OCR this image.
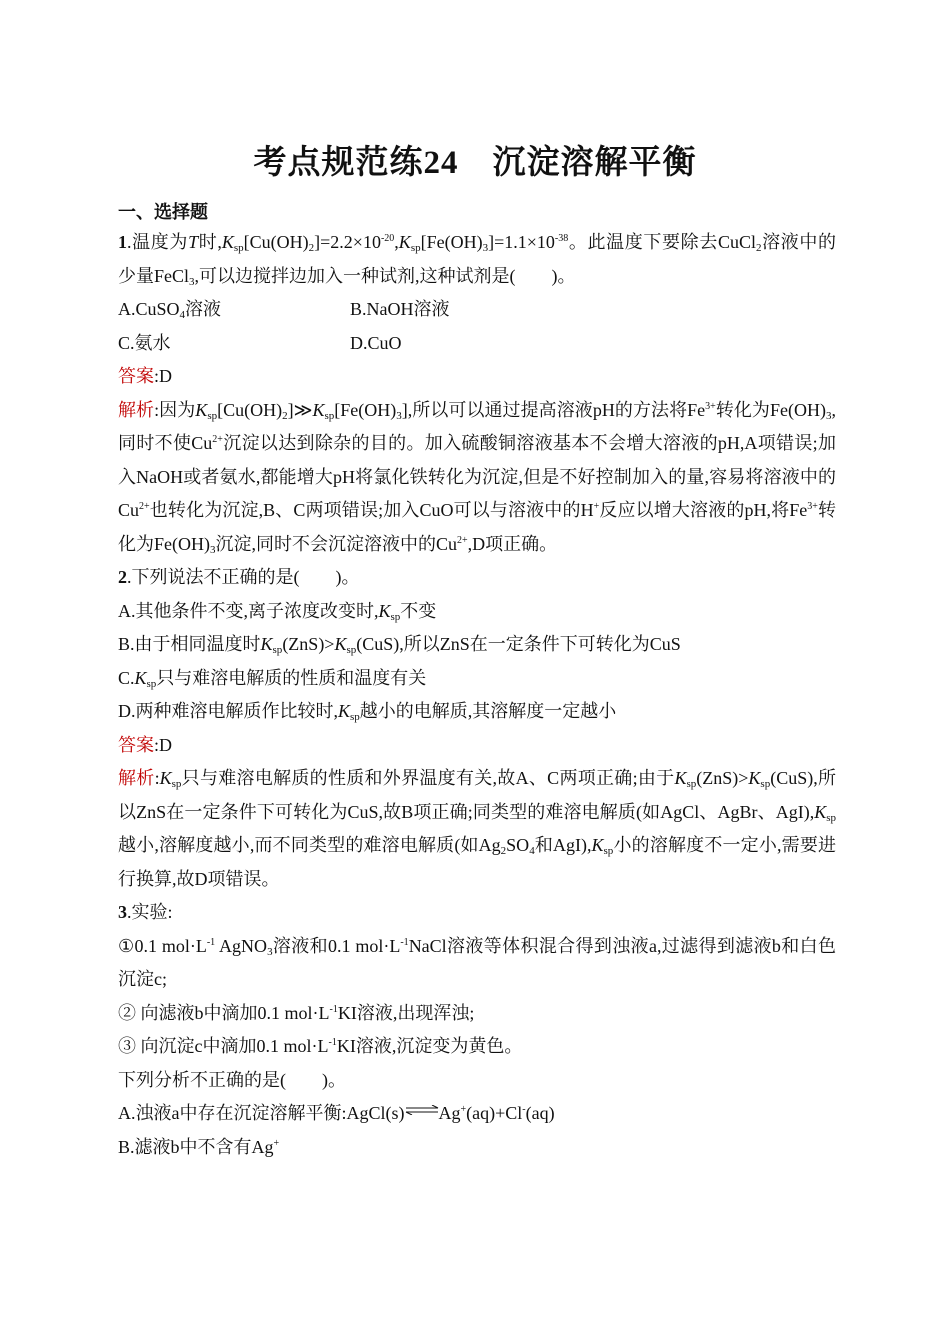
考点规范练24　沉淀溶解平衡
一、选择题

1.温度为T时$,K_{sp}[Cu(OH)_2]=2.2\times 10^{-20},K_{sp}[Fe(OH)_3]=1.1\times 10^{-38}$。此温度下要除去CuCl$_2$溶液中的少量FeCl$_3$,可以边搅拌边加入一种试剂,这种试剂是(　　)。

A.CuSO$_4$溶液	B.NaOH溶液
C.氨水	D.CuO

答案:D

解析:因为$K_{sp}[Cu(OH)_2]≫K_{sp}[Fe(OH)_3]$,所以可以通过提高溶液pH的方法将$Fe^{3+}$转化为$Fe(OH)_3$,同时不使$Cu^{2+}$沉淀以达到除杂的目的。加入硫酸铜溶液基本不会增大溶液的pH,A项错误;加入NaOH或者氨水,都能增大pH将氯化铁转化为沉淀,但是不好控制加入的量,容易将溶液中的$Cu^{2+}$也转化为沉淀,B、C两项错误;加入CuO可以与溶液中的H+反应以增大溶液的pH,将$Fe^{3+}$转化为$Fe(OH)_3$沉淀,同时不会沉淀溶液中的$Cu^{2+},D$项正确。

2.下列说法不正确的是(　　)。

A.其他条件不变,离子浓度改变时$,K_{sp}$不变

B.由于相同温度时$K_{sp}(ZnS)>K_{sp}(CuS)$,所以ZnS在一定条件下可转化为CuS

$C.K_{sp}$只与难溶电解质的性质和温度有关

D.两种难溶电解质作比较时$,K_{sp}$越小的电解质,其溶解度一定越小

答案:D

解析$:K_{sp}$只与难溶电解质的性质和外界温度有关,故A、C两项正确;由于$K_{sp}(ZnS)>K_{sp}(CuS)$,所以ZnS在一定条件下可转化为CuS,故B项正确;同类型的难溶电解质(如AgCl、AgBr、$AgI),K_{sp}$越小,溶解度越小,而不同类型的难溶电解质(如$Ag_2SO_4$和$AgI),K_{sp}$小的溶解度不一定小,需要进行换算,故D项错误。

3.实验:

①0.1 $mol\cdot L^{-1}$ AgNO$_3$溶液和0.1 $mol\cdot L^{-1}NaCl$溶液等体积混合得到浊液a,过滤得到滤液b和白色沉淀c;

② 向滤液b中滴加0.1 $mol\cdot L^{-1}KI$溶液,出现浑浊;

③ 向沉淀c中滴加0.1 $mol\cdot L^{-1}KI$溶液,沉淀变为黄色。

下列分析不正确的是(　　)。

A.浊液a中存在沉淀溶解平衡:AgCl(s)⇌Ag+(aq)+Cl-(aq)

B.滤液b中不含有Ag+
